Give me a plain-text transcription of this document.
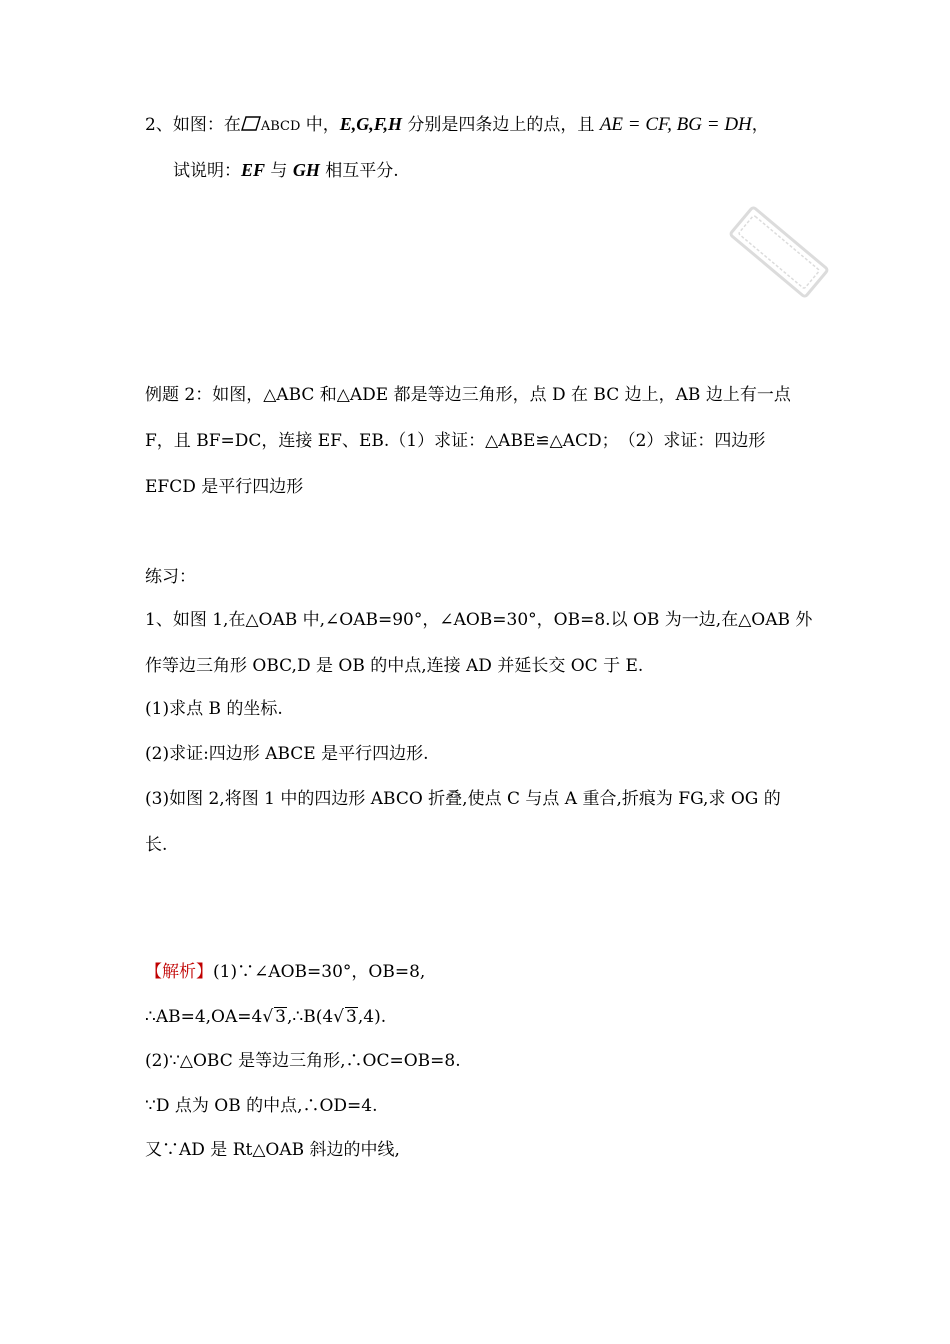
2、如图：在 ABCD 中，E,G,F,H 分别是四条边上的点，且 AE = CF, BG = DH，
试说明：EF 与 GH 相互平分.
例题 2：如图，△ABC 和△ADE 都是等边三角形，点 D 在 BC 边上，AB 边上有一点
F，且 BF=DC，连接 EF、EB.（1）求证：△ABE≌△ACD；　（2）求证：四边形
EFCD 是平行四边形
练习：
1、如图 1,在△OAB 中,∠OAB=90°，∠AOB=30°，OB=8.以 OB 为一边,在△OAB 外
作等边三角形 OBC,D 是 OB 的中点,连接 AD 并延长交 OC 于 E.
(1)求点 B 的坐标.
(2)求证:四边形 ABCE 是平行四边形.
(3)如图 2,将图 1 中的四边形 ABCO 折叠,使点 C 与点 A 重合,折痕为 FG,求 OG 的
长.
【解析】(1)∵∠AOB=30°，OB=8,
∴AB=4,OA=4√ 3,∴B(4√ 3,4).
(2)∵△OBC 是等边三角形,∴OC=OB=8.
∵D 点为 OB 的中点,∴OD=4.
又∵AD 是 Rt△OAB 斜边的中线,
